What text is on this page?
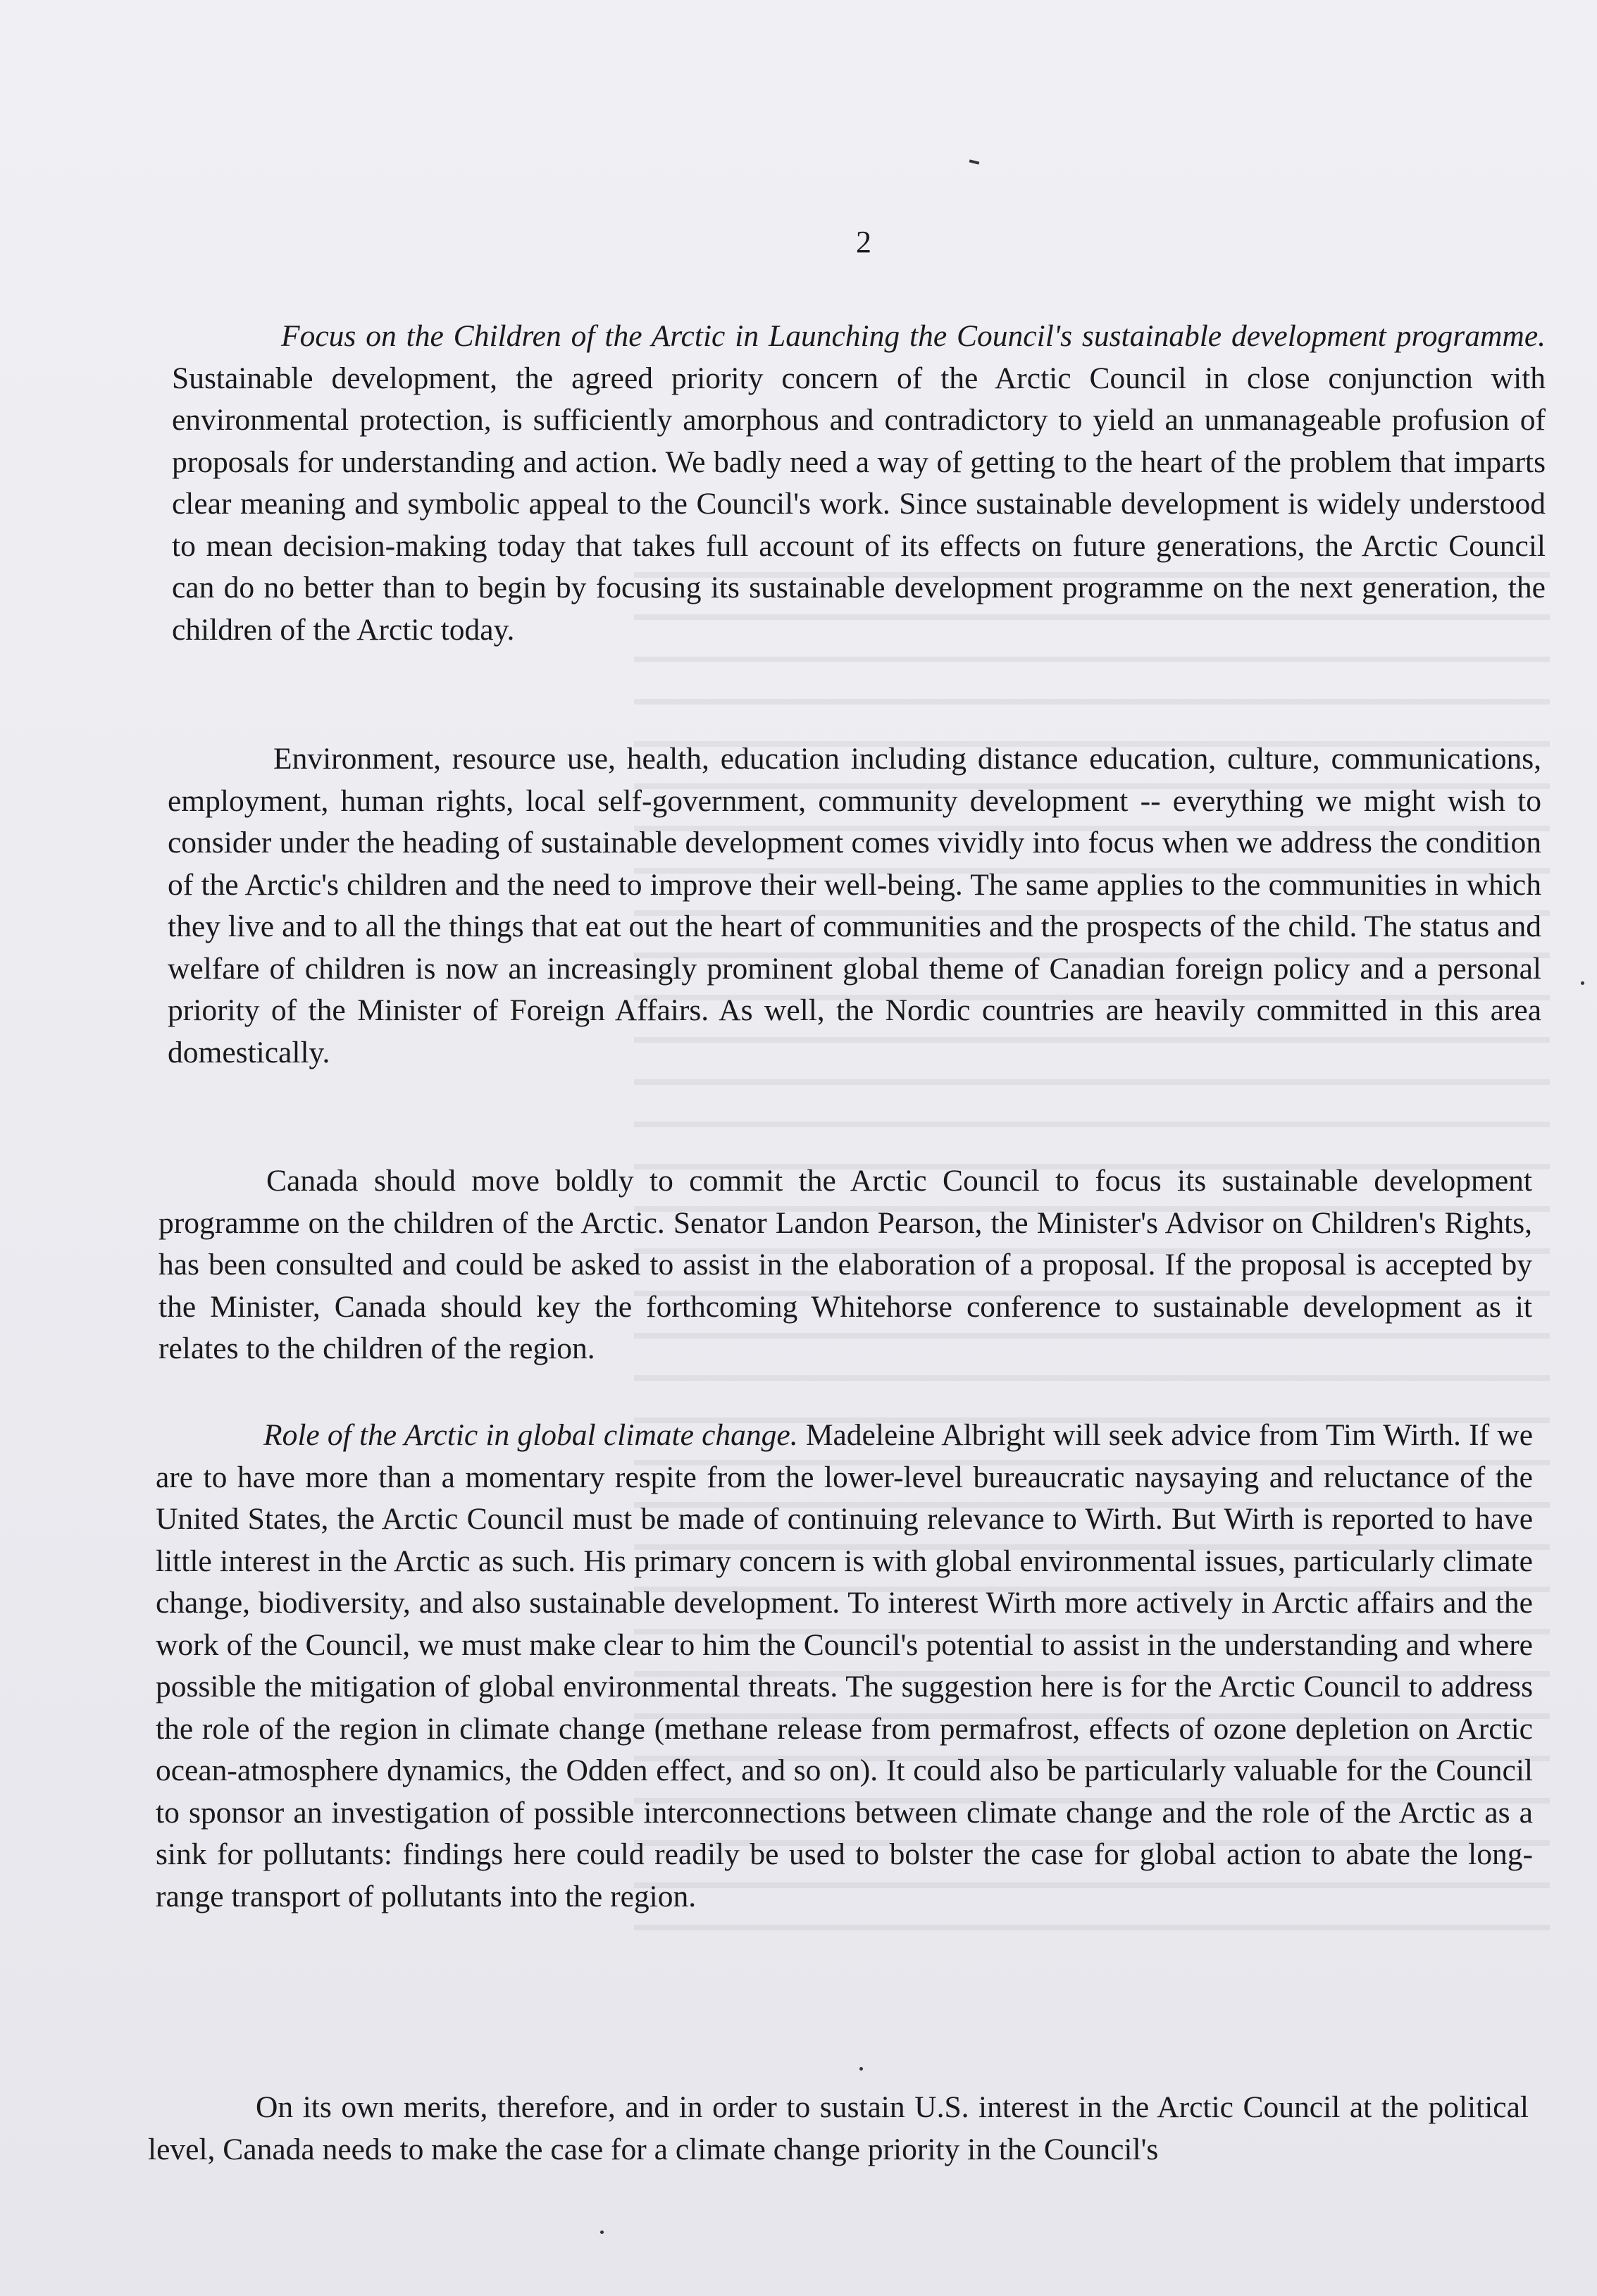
2

Focus on the Children of the Arctic in Launching the Council's sustainable development programme. Sustainable development, the agreed priority concern of the Arctic Council in close conjunction with environmental protection, is sufficiently amorphous and contradictory to yield an unmanageable profusion of proposals for understanding and action. We badly need a way of getting to the heart of the problem that imparts clear meaning and symbolic appeal to the Council's work. Since sustainable development is widely understood to mean decision-making today that takes full account of its effects on future generations, the Arctic Council can do no better than to begin by focusing its sustainable development programme on the next generation, the children of the Arctic today.

Environment, resource use, health, education including distance education, culture, communications, employment, human rights, local self-government, community development -- everything we might wish to consider under the heading of sustainable development comes vividly into focus when we address the condition of the Arctic's children and the need to improve their well-being. The same applies to the communities in which they live and to all the things that eat out the heart of communities and the prospects of the child. The status and welfare of children is now an increasingly prominent global theme of Canadian foreign policy and a personal priority of the Minister of Foreign Affairs. As well, the Nordic countries are heavily committed in this area domestically.

Canada should move boldly to commit the Arctic Council to focus its sustainable development programme on the children of the Arctic. Senator Landon Pearson, the Minister's Advisor on Children's Rights, has been consulted and could be asked to assist in the elaboration of a proposal. If the proposal is accepted by the Minister, Canada should key the forthcoming Whitehorse conference to sustainable development as it relates to the children of the region.

Role of the Arctic in global climate change. Madeleine Albright will seek advice from Tim Wirth. If we are to have more than a momentary respite from the lower-level bureaucratic naysaying and reluctance of the United States, the Arctic Council must be made of continuing relevance to Wirth. But Wirth is reported to have little interest in the Arctic as such. His primary concern is with global environmental issues, particularly climate change, biodiversity, and also sustainable development. To interest Wirth more actively in Arctic affairs and the work of the Council, we must make clear to him the Council's potential to assist in the understanding and where possible the mitigation of global environmental threats. The suggestion here is for the Arctic Council to address the role of the region in climate change (methane release from permafrost, effects of ozone depletion on Arctic ocean-atmosphere dynamics, the Odden effect, and so on). It could also be particularly valuable for the Council to sponsor an investigation of possible interconnections between climate change and the role of the Arctic as a sink for pollutants: findings here could readily be used to bolster the case for global action to abate the long-range transport of pollutants into the region.

On its own merits, therefore, and in order to sustain U.S. interest in the Arctic Council at the political level, Canada needs to make the case for a climate change priority in the Council's
